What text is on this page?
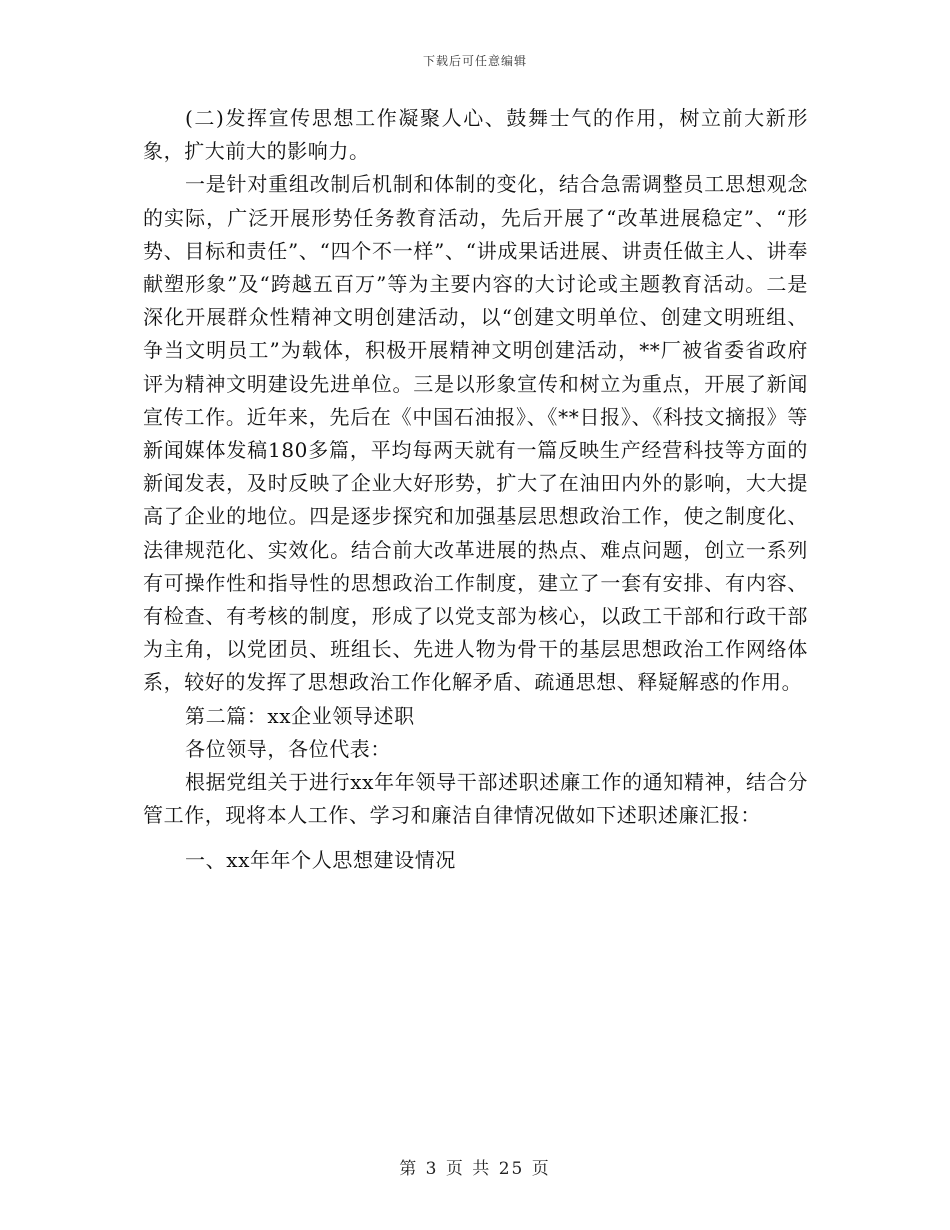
下载后可任意编辑

(二)发挥宣传思想工作凝聚人心、鼓舞士气的作用，树立前大新形象，扩大前大的影响力。

一是针对重组改制后机制和体制的变化，结合急需调整员工思想观念的实际，广泛开展形势任务教育活动，先后开展了“改革进展稳定”、“形势、目标和责任”、“四个不一样”、“讲成果话进展、讲责任做主人、讲奉献塑形象”及“跨越五百万”等为主要内容的大讨论或主题教育活动。二是深化开展群众性精神文明创建活动，以“创建文明单位、创建文明班组、争当文明员工”为载体，积极开展精神文明创建活动，**厂被省委省政府评为精神文明建设先进单位。三是以形象宣传和树立为重点，开展了新闻宣传工作。近年来，先后在《中国石油报》、《**日报》、《科技文摘报》等新闻媒体发稿180多篇，平均每两天就有一篇反映生产经营科技等方面的新闻发表，及时反映了企业大好形势，扩大了在油田内外的影响，大大提高了企业的地位。四是逐步探究和加强基层思想政治工作，使之制度化、法律规范化、实效化。结合前大改革进展的热点、难点问题，创立一系列有可操作性和指导性的思想政治工作制度，建立了一套有安排、有内容、有检查、有考核的制度，形成了以党支部为核心，以政工干部和行政干部为主角，以党团员、班组长、先进人物为骨干的基层思想政治工作网络体系，较好的发挥了思想政治工作化解矛盾、疏通思想、释疑解惑的作用。

第二篇：xx企业领导述职

各位领导，各位代表：

根据党组关于进行xx年年领导干部述职述廉工作的通知精神，结合分管工作，现将本人工作、学习和廉洁自律情况做如下述职述廉汇报：

一、xx年年个人思想建设情况

第 3 页 共 25 页
